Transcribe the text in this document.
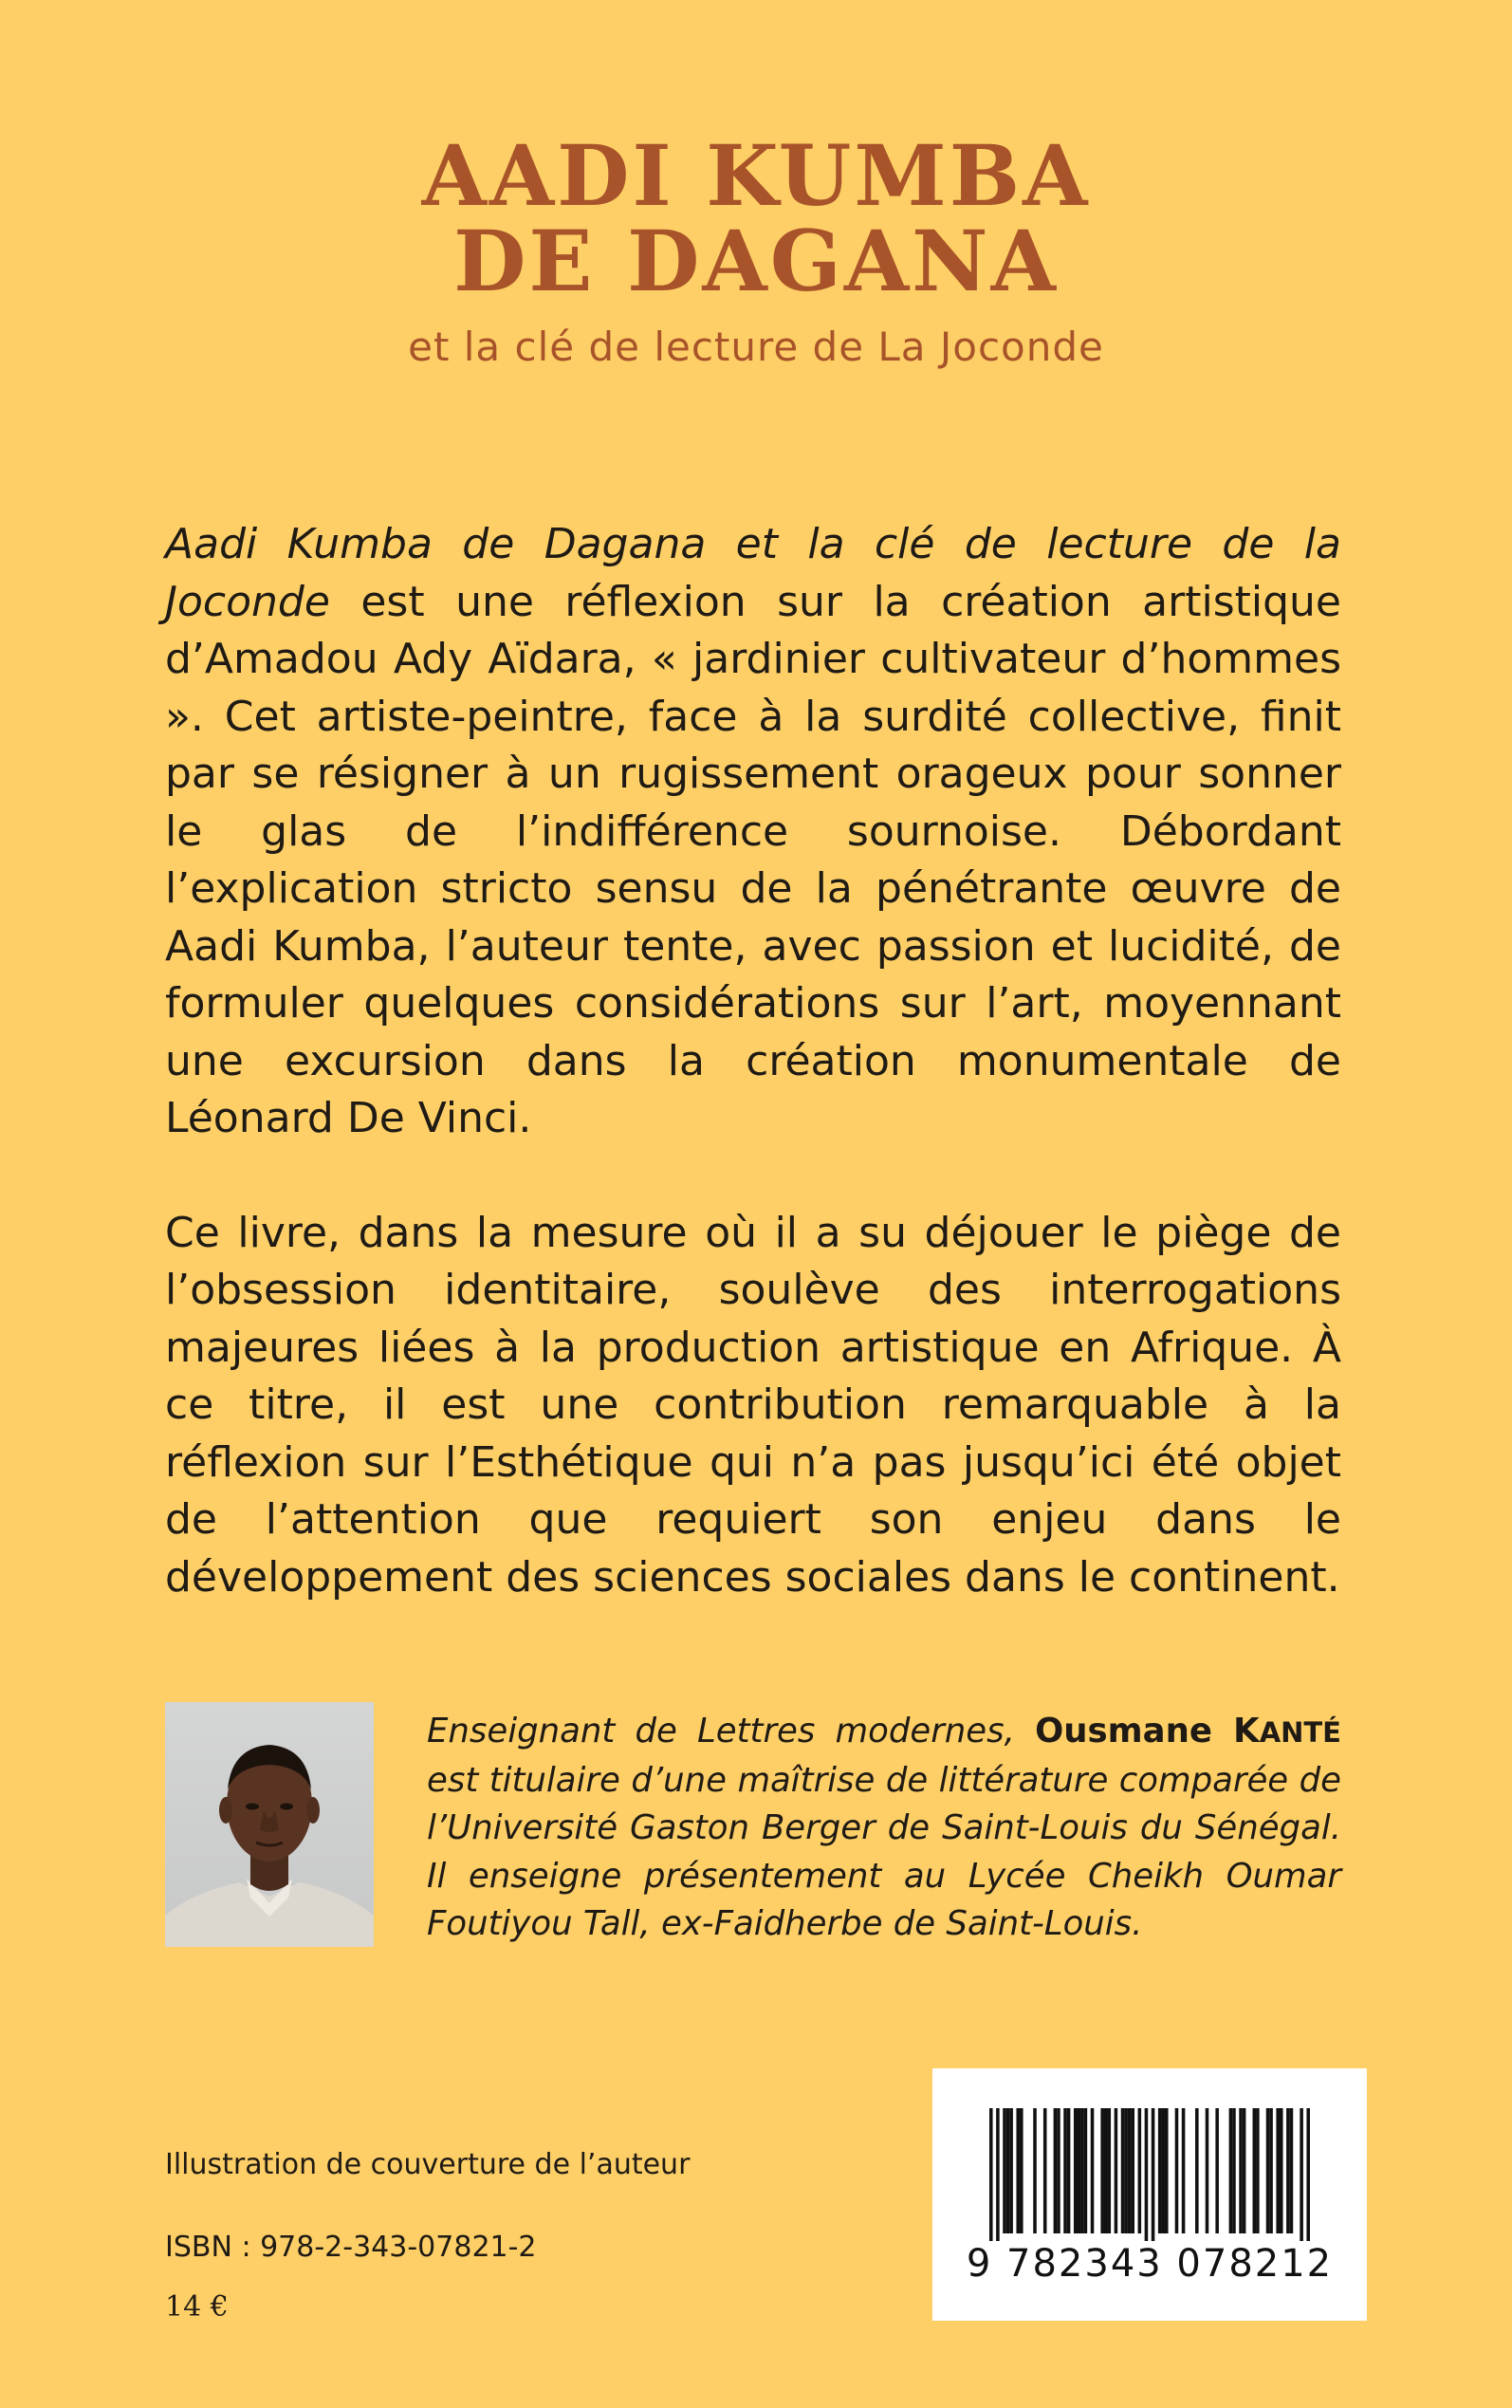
AADI KUMBA
DE DAGANA
et la clé de lecture de La Joconde

Aadi Kumba de Dagana et la clé de lecture de la Joconde est une réflexion sur la création artistique d’Amadou Ady Aïdara, « jardinier cultivateur d’hommes ». Cet artiste-peintre, face à la surdité collective, finit par se résigner à un rugissement orageux pour sonner le glas de l’indifférence sournoise. Débordant l’explication stricto sensu de la pénétrante œuvre de Aadi Kumba, l’auteur tente, avec passion et lucidité, de formuler quelques considérations sur l’art, moyennant une excursion dans la création monumentale de Léonard De Vinci.

Ce livre, dans la mesure où il a su déjouer le piège de l’obsession identitaire, soulève des interrogations majeures liées à la production artistique en Afrique. À ce titre, il est une contribution remarquable à la réflexion sur l’Esthétique qui n’a pas jusqu’ici été objet de l’attention que requiert son enjeu dans le développement des sciences sociales dans le continent.

Enseignant de Lettres modernes, Ousmane KANTÉ est titulaire d’une maîtrise de littérature comparée de l’Université Gaston Berger de Saint-Louis du Sénégal. Il enseigne présentement au Lycée Cheikh Oumar Foutiyou Tall, ex-Faidherbe de Saint-Louis.
Illustration de couverture de l’auteur
ISBN : 978-2-343-07821-2
14 €
9 782343 078212
